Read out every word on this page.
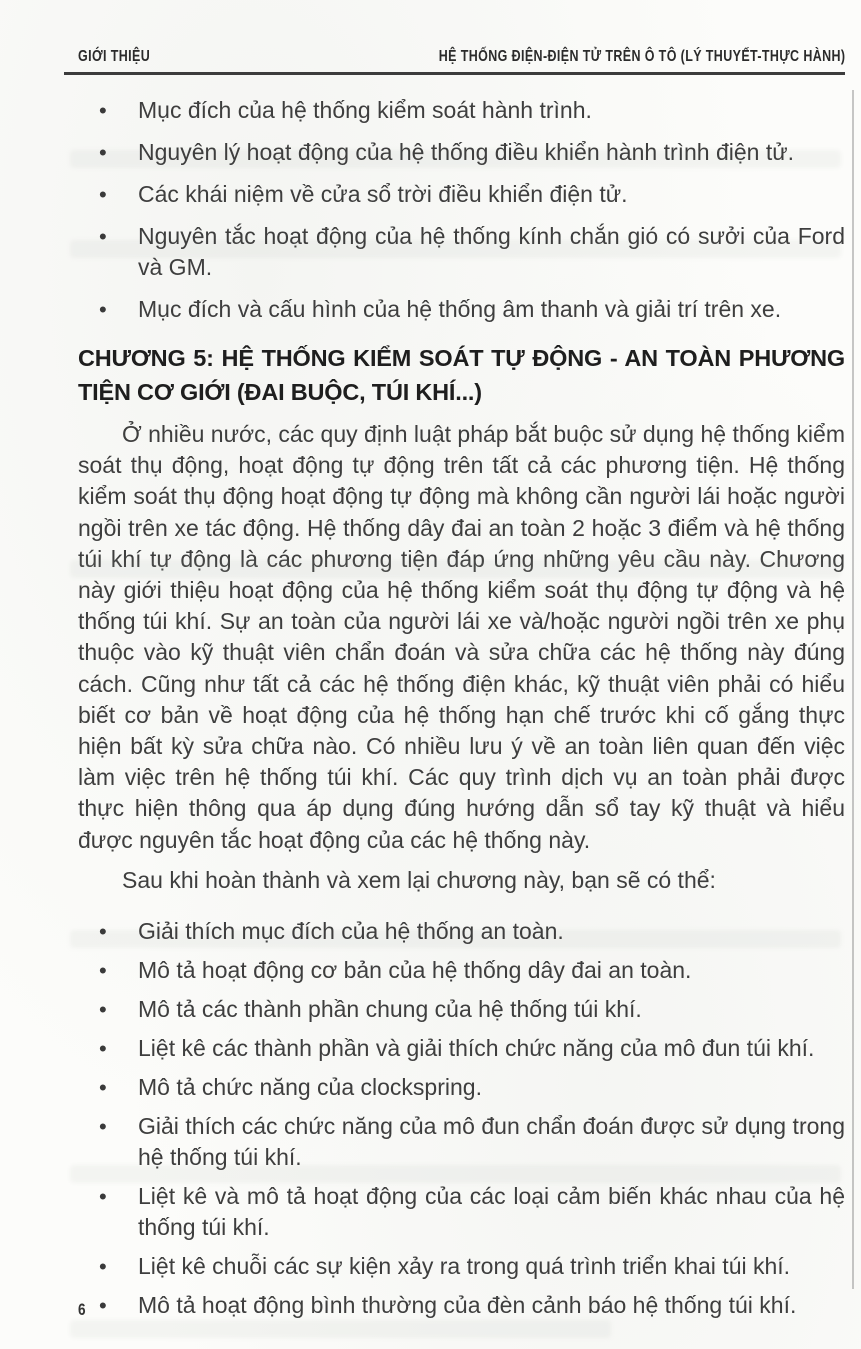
GIỚI THIỆU	HỆ THỐNG ĐIỆN-ĐIỆN TỬ TRÊN Ô TÔ (LÝ THUYẾT-THỰC HÀNH)
• Mục đích của hệ thống kiểm soát hành trình.
• Nguyên lý hoạt động của hệ thống điều khiển hành trình điện tử.
• Các khái niệm về cửa sổ trời điều khiển điện tử.
• Nguyên tắc hoạt động của hệ thống kính chắn gió có sưởi của Ford và GM.
• Mục đích và cấu hình của hệ thống âm thanh và giải trí trên xe.
CHƯƠNG 5: HỆ THỐNG KIỂM SOÁT TỰ ĐỘNG - AN TOÀN PHƯƠNG TIỆN CƠ GIỚI (ĐAI BUỘC, TÚI KHÍ...)

Ở nhiều nước, các quy định luật pháp bắt buộc sử dụng hệ thống kiểm soát thụ động, hoạt động tự động trên tất cả các phương tiện. Hệ thống kiểm soát thụ động hoạt động tự động mà không cần người lái hoặc người ngồi trên xe tác động. Hệ thống dây đai an toàn 2 hoặc 3 điểm và hệ thống túi khí tự động là các phương tiện đáp ứng những yêu cầu này. Chương này giới thiệu hoạt động của hệ thống kiểm soát thụ động tự động và hệ thống túi khí. Sự an toàn của người lái xe và/hoặc người ngồi trên xe phụ thuộc vào kỹ thuật viên chẩn đoán và sửa chữa các hệ thống này đúng cách. Cũng như tất cả các hệ thống điện khác, kỹ thuật viên phải có hiểu biết cơ bản về hoạt động của hệ thống hạn chế trước khi cố gắng thực hiện bất kỳ sửa chữa nào. Có nhiều lưu ý về an toàn liên quan đến việc làm việc trên hệ thống túi khí. Các quy trình dịch vụ an toàn phải được thực hiện thông qua áp dụng đúng hướng dẫn sổ tay kỹ thuật và hiểu được nguyên tắc hoạt động của các hệ thống này.

Sau khi hoàn thành và xem lại chương này, bạn sẽ có thể:

• Giải thích mục đích của hệ thống an toàn.
• Mô tả hoạt động cơ bản của hệ thống dây đai an toàn.
• Mô tả các thành phần chung của hệ thống túi khí.
• Liệt kê các thành phần và giải thích chức năng của mô đun túi khí.
• Mô tả chức năng của clockspring.
• Giải thích các chức năng của mô đun chẩn đoán được sử dụng trong hệ thống túi khí.
• Liệt kê và mô tả hoạt động của các loại cảm biến khác nhau của hệ thống túi khí.
• Liệt kê chuỗi các sự kiện xảy ra trong quá trình triển khai túi khí.
• Mô tả hoạt động bình thường của đèn cảnh báo hệ thống túi khí.
6
